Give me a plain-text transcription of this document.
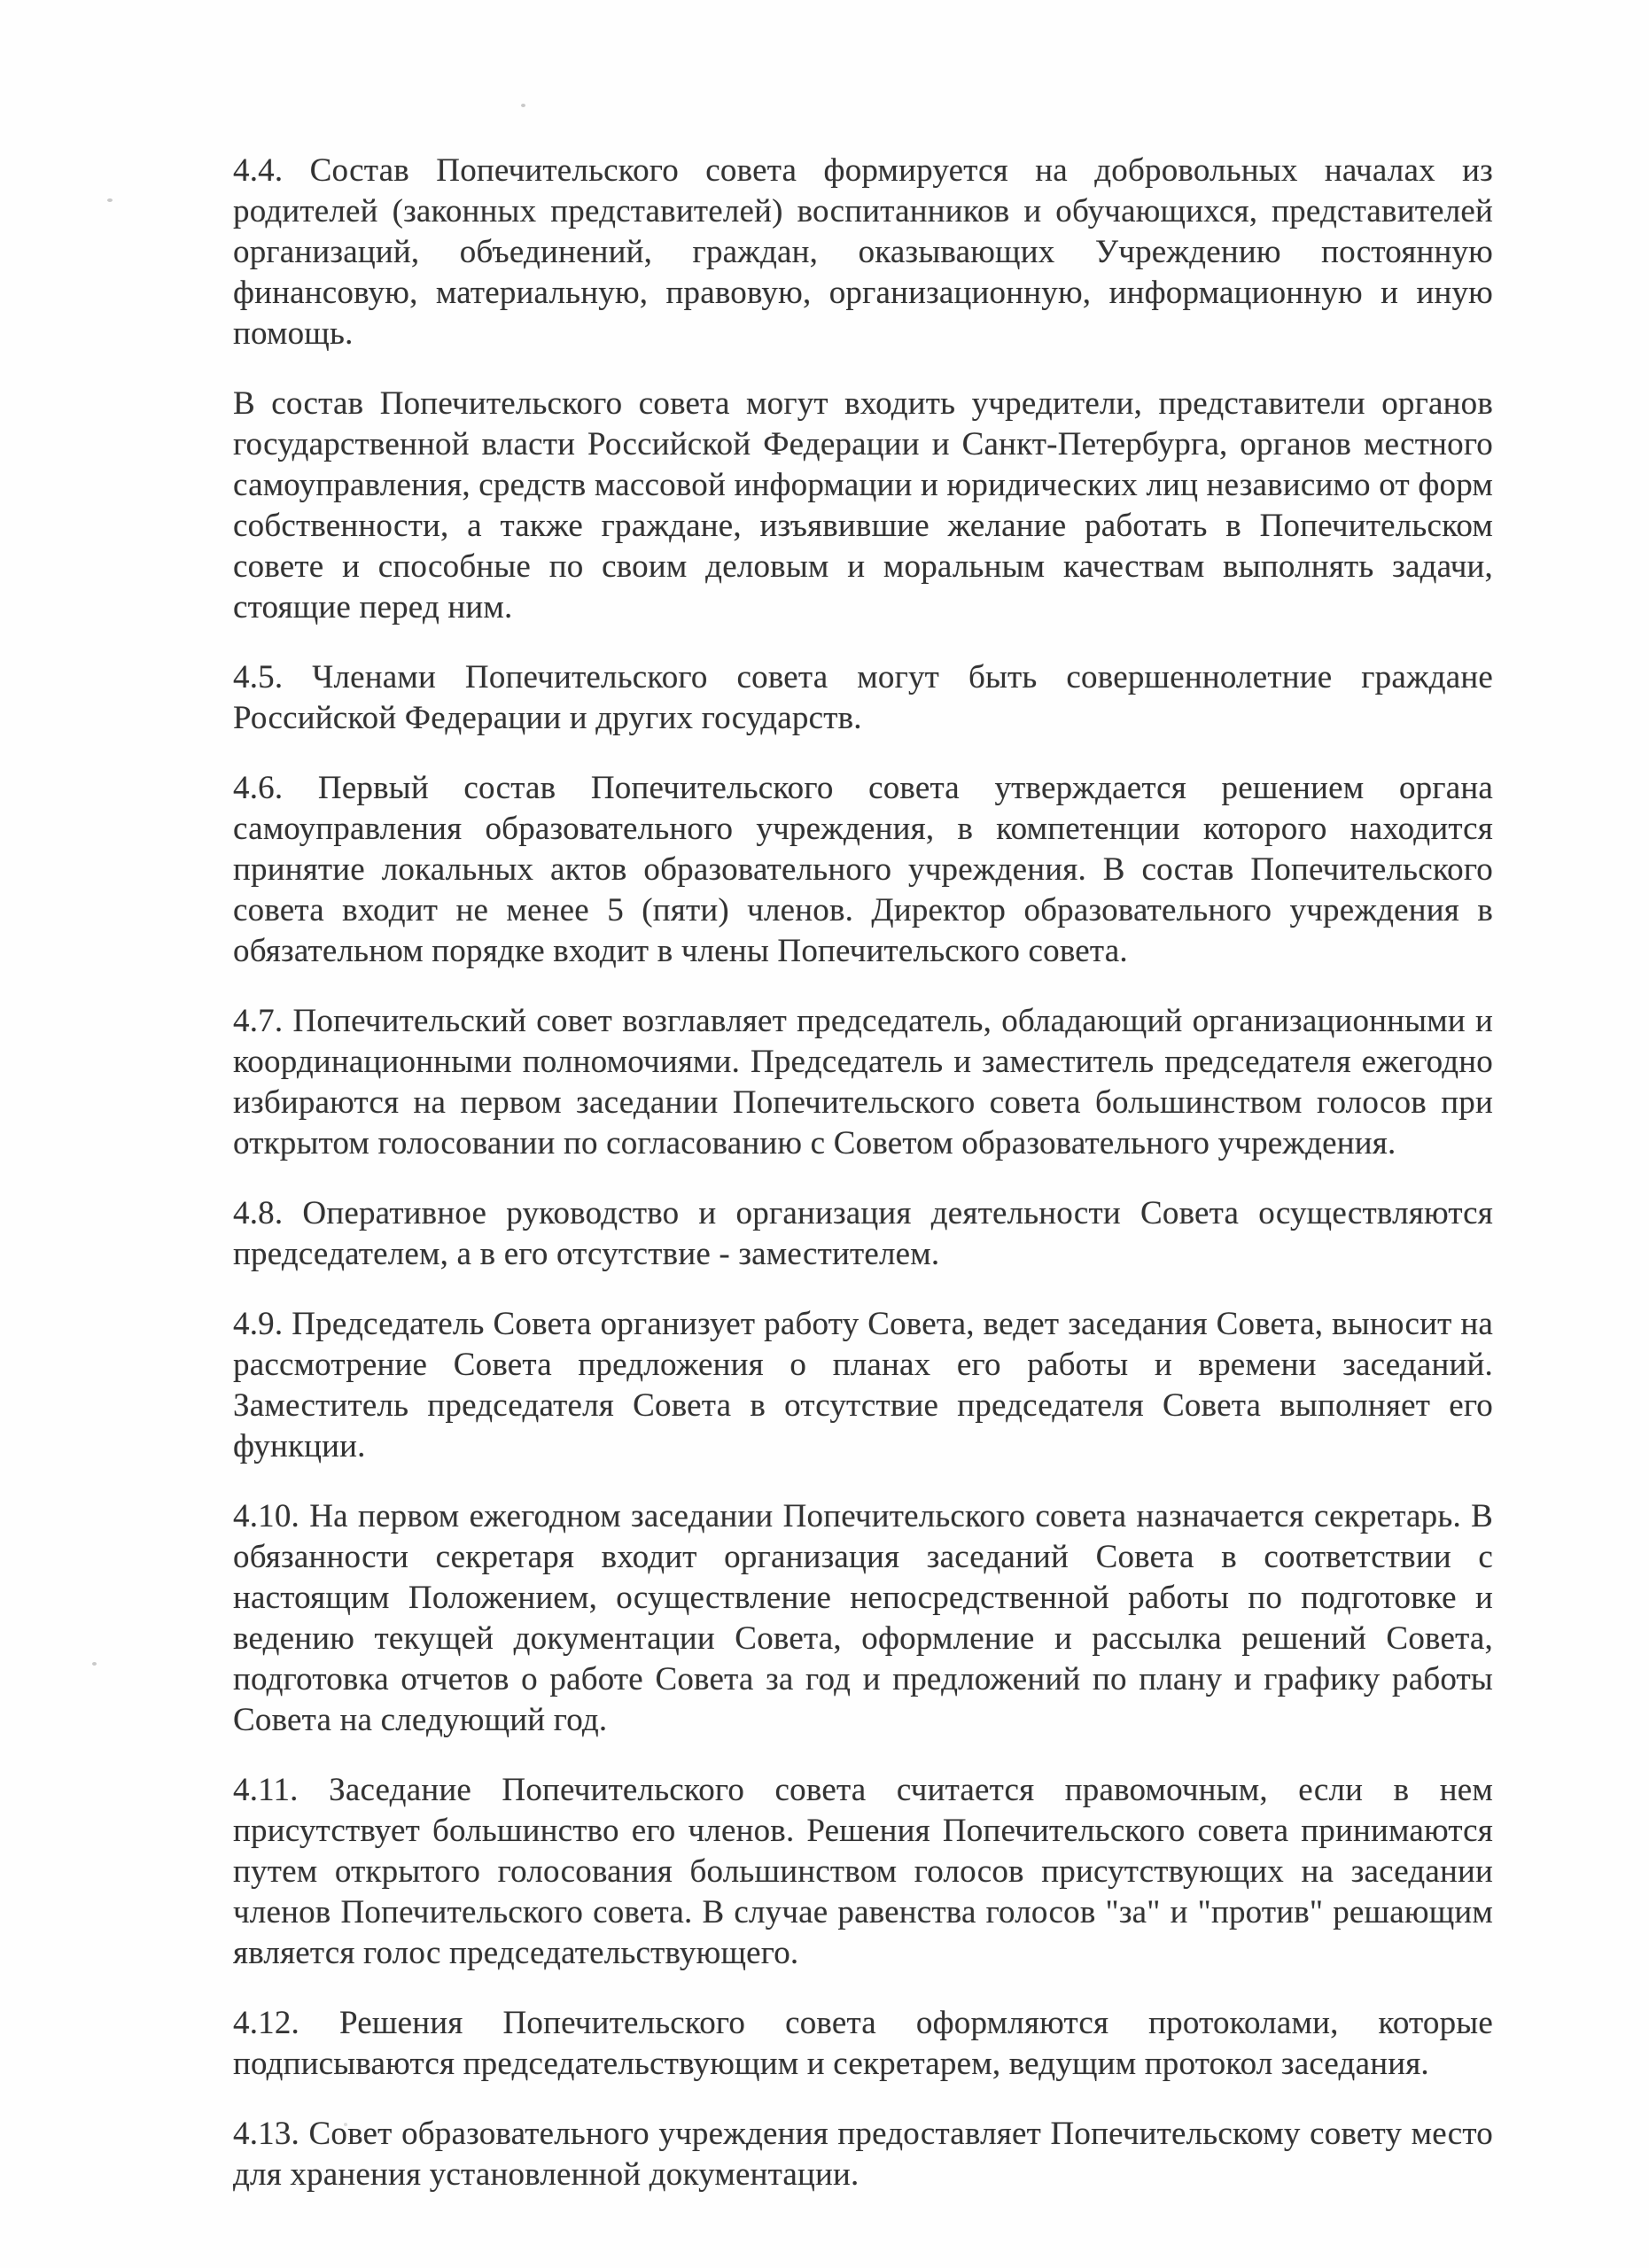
4.4. Состав Попечительского совета формируется на добровольных началах из родителей (законных представителей) воспитанников и обучающихся, представителей организаций, объединений, граждан, оказывающих Учреждению постоянную финансовую, материальную, правовую, организационную, информационную и иную помощь.

В состав Попечительского совета могут входить учредители, представители органов государственной власти Российской Федерации и Санкт-Петербурга, органов местного самоуправления, средств массовой информации и юридических лиц независимо от форм собственности, а также граждане, изъявившие желание работать в Попечительском совете и способные по своим деловым и моральным качествам выполнять задачи, стоящие перед ним.

4.5. Членами Попечительского совета могут быть совершеннолетние граждане Российской Федерации и других государств.

4.6. Первый состав Попечительского совета утверждается решением органа самоуправления образовательного учреждения, в компетенции которого находится принятие локальных актов образовательного учреждения. В состав Попечительского совета входит не менее 5 (пяти) членов. Директор образовательного учреждения в обязательном порядке входит в члены Попечительского совета.

4.7. Попечительский совет возглавляет председатель, обладающий организационными и координационными полномочиями. Председатель и заместитель председателя ежегодно избираются на первом заседании Попечительского совета большинством голосов при открытом голосовании по согласованию с Советом образовательного учреждения.

4.8. Оперативное руководство и организация деятельности Совета осуществляются председателем, а в его отсутствие - заместителем.

4.9. Председатель Совета организует работу Совета, ведет заседания Совета, выносит на рассмотрение Совета предложения о планах его работы и времени заседаний. Заместитель председателя Совета в отсутствие председателя Совета выполняет его функции.

4.10. На первом ежегодном заседании Попечительского совета назначается секретарь. В обязанности секретаря входит организация заседаний Совета в соответствии с настоящим Положением, осуществление непосредственной работы по подготовке и ведению текущей документации Совета, оформление и рассылка решений Совета, подготовка отчетов о работе Совета за год и предложений по плану и графику работы Совета на следующий год.

4.11. Заседание Попечительского совета считается правомочным, если в нем присутствует большинство его членов. Решения Попечительского совета принимаются путем открытого голосования большинством голосов присутствующих на заседании членов Попечительского совета. В случае равенства голосов "за" и "против" решающим является голос председательствующего.

4.12. Решения Попечительского совета оформляются протоколами, которые подписываются председательствующим и секретарем, ведущим протокол заседания.

4.13. Совет образовательного учреждения предоставляет Попечительскому совету место для хранения установленной документации.
